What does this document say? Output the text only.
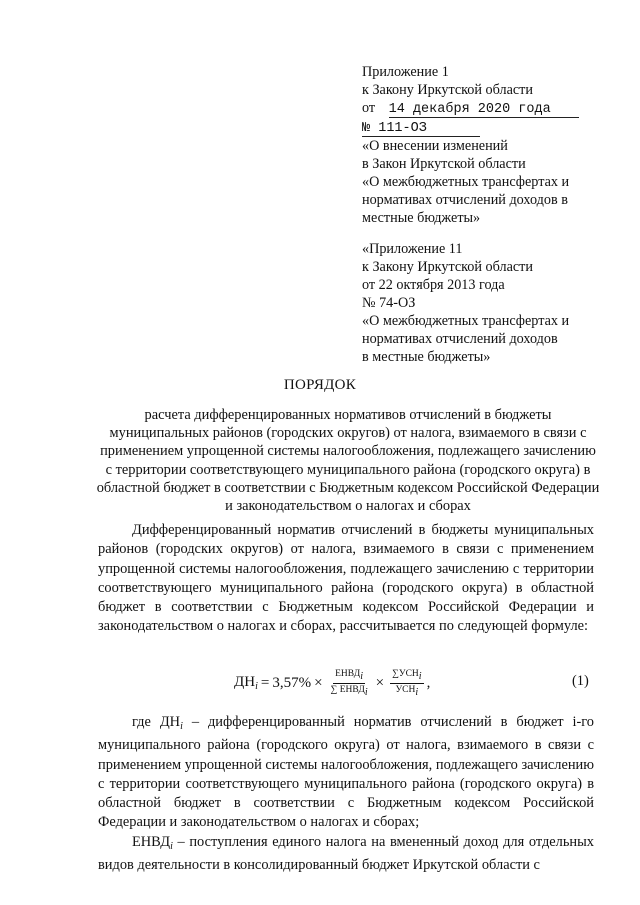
Приложение 1
к Закону Иркутской области
от 14 декабря 2020 года
№ 111-ОЗ
«О внесении изменений
в Закон Иркутской области
«О межбюджетных трансфертах и
нормативах отчислений доходов в
местные бюджеты»
«Приложение 11
к Закону Иркутской области
от 22 октября 2013 года
№ 74-ОЗ
«О межбюджетных трансфертах и
нормативах отчислений доходов
в местные бюджеты»
ПОРЯДОК
расчета дифференцированных нормативов отчислений в бюджеты муниципальных районов (городских округов) от налога, взимаемого в связи с применением упрощенной системы налогообложения, подлежащего зачислению с территории соответствующего муниципального района (городского округа) в областной бюджет в соответствии с Бюджетным кодексом Российской Федерации и законодательством о налогах и сборах
Дифференцированный норматив отчислений в бюджеты муниципальных районов (городских округов) от налога, взимаемого в связи с применением упрощенной системы налогообложения, подлежащего зачислению с территории соответствующего муниципального района (городского округа) в областной бюджет в соответствии с Бюджетным кодексом Российской Федерации и законодательством о налогах и сборах, рассчитывается по следующей формуле:
$ДН_i = 3,57\% \times \frac{\text{ЕНВДi}}{\text{∑ ЕНВДi}} \times \frac{\text{∑УСНi}}{\text{УСНi}}$ ,	(1)

где $ДН_i$ – дифференцированный норматив отчислений в бюджет i-го муниципального района (городского округа) от налога, взимаемого в связи с применением упрощенной системы налогообложения, подлежащего зачислению с территории соответствующего муниципального района (городского округа) в областной бюджет в соответствии с Бюджетным кодексом Российской Федерации и законодательством о налогах и сборах;

$ЕНВД_i$ – поступления единого налога на вмененный доход для отдельных видов деятельности в консолидированный бюджет Иркутской области с
